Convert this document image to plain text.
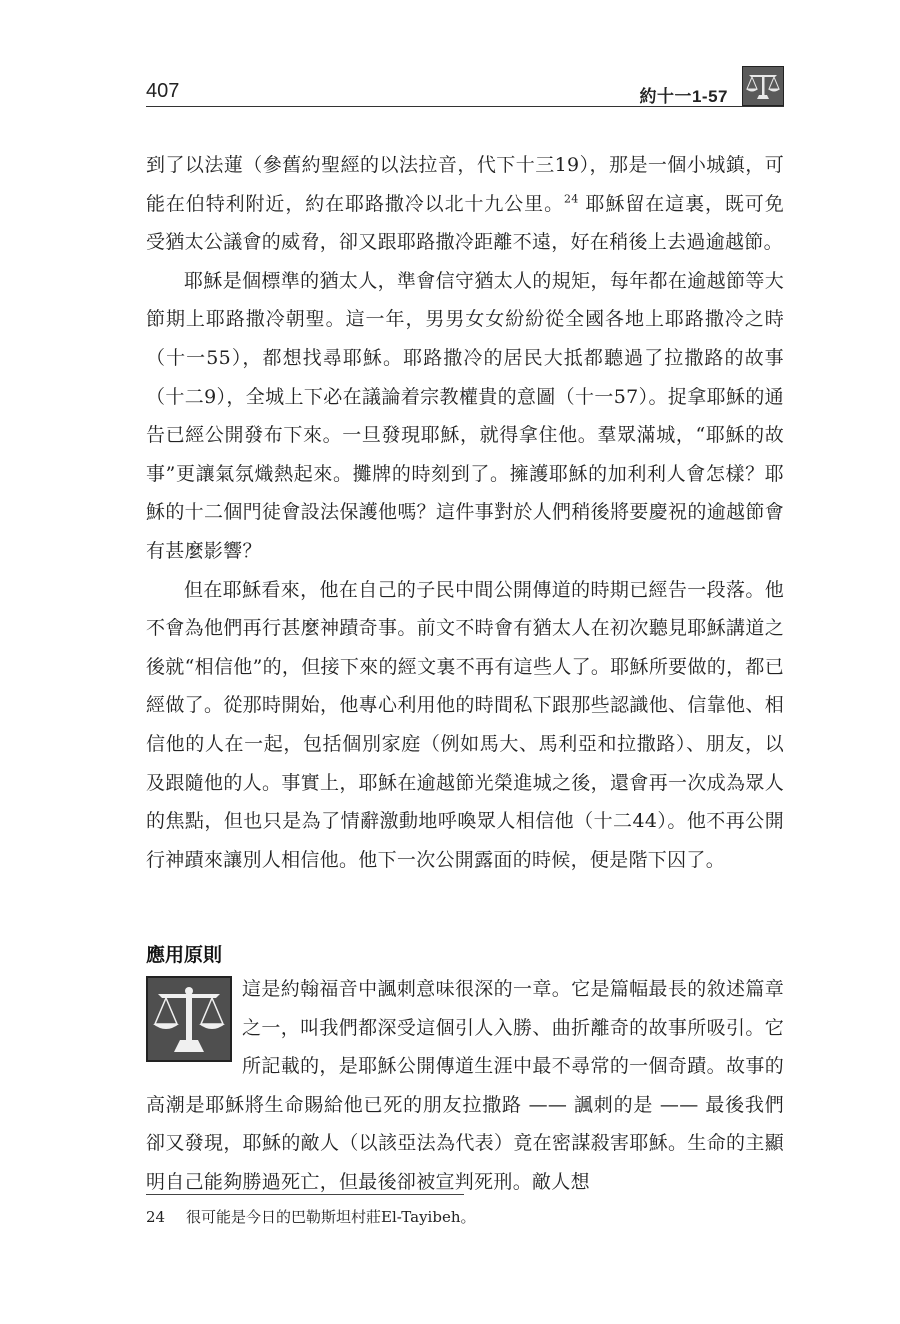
407	約十一1-57

到了以法蓮（參舊約聖經的以法拉音，代下十三19），那是一個小城鎮，可能在伯特利附近，約在耶路撒冷以北十九公里。$^{24}$ 耶穌留在這裏，既可免受猶太公議會的威脅，卻又跟耶路撒冷距離不遠，好在稍後上去過逾越節。

耶穌是個標準的猶太人，準會信守猶太人的規矩，每年都在逾越節等大節期上耶路撒冷朝聖。這一年，男男女女紛紛從全國各地上耶路撒冷之時（十一55），都想找尋耶穌。耶路撒冷的居民大抵都聽過了拉撒路的故事（十二9），全城上下必在議論着宗教權貴的意圖（十一57）。捉拿耶穌的通告已經公開發布下來。一旦發現耶穌，就得拿住他。羣眾滿城，“耶穌的故事”更讓氣氛熾熱起來。攤牌的時刻到了。擁護耶穌的加利利人會怎樣？耶穌的十二個門徒會設法保護他嗎？這件事對於人們稍後將要慶祝的逾越節會有甚麼影響？

但在耶穌看來，他在自己的子民中間公開傳道的時期已經告一段落。他不會為他們再行甚麼神蹟奇事。前文不時會有猶太人在初次聽見耶穌講道之後就“相信他”的，但接下來的經文裏不再有這些人了。耶穌所要做的，都已經做了。從那時開始，他專心利用他的時間私下跟那些認識他、信靠他、相信他的人在一起，包括個別家庭（例如馬大、馬利亞和拉撒路）、朋友，以及跟隨他的人。事實上，耶穌在逾越節光榮進城之後，還會再一次成為眾人的焦點，但也只是為了情辭激動地呼喚眾人相信他（十二44）。他不再公開行神蹟來讓別人相信他。他下一次公開露面的時候，便是階下囚了。

應用原則

這是約翰福音中諷刺意味很深的一章。它是篇幅最長的敘述篇章之一，叫我們都深受這個引人入勝、曲折離奇的故事所吸引。它所記載的，是耶穌公開傳道生涯中最不尋常的一個奇蹟。故事的高潮是耶穌將生命賜給他已死的朋友拉撒路 —— 諷刺的是 —— 最後我們卻又發現，耶穌的敵人（以該亞法為代表）竟在密謀殺害耶穌。生命的主顯明自己能夠勝過死亡，但最後卻被宣判死刑。敵人想

24 很可能是今日的巴勒斯坦村莊El-Tayibeh。
